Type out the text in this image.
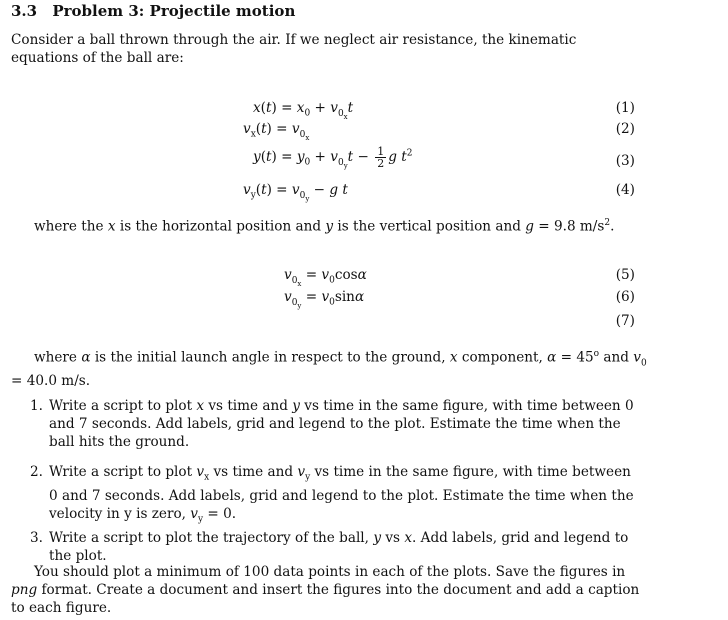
3.3 Problem 3: Projectile motion
Consider a ball thrown through the air. If we neglect air resistance, the kinematic equations of the ball are:
$x(t) = x_0 + v_{0_x}t$	(1)
$v_x(t) = v_{0_x}$
(2)
$y(t) = y_0 + v_{0_y}t - \frac{1}{2}$ g $t^2$	(3)
$v_y(t) = v_{0_y} - g$ t	(4)
where the x is the horizontal position and y is the vertical position and g = 9.8 $m/s^2$.
$v_{0_x} = v_0\cos\alpha$	(5)
$v_{0_y} = v_0\sin\alpha$	(6)
(7)
where α is the initial launch angle in respect to the ground, x component, $\alpha = 45^o$ and $v_0 = 40.0$ m/s.
1. Write a script to plot x vs time and y vs time in the same figure, with time between 0 and 7 seconds. Add labels, grid and legend to the plot. Estimate the time when the ball hits the ground.
2. Write a script to plot $v_x$ vs time and $v_y$ vs time in the same figure, with time between 0 and 7 seconds. Add labels, grid and legend to the plot. Estimate the time when the velocity in y is zero, $v_y = 0$.
3. Write a script to plot the trajectory of the ball, y vs x. Add labels, grid and legend to the plot.
You should plot a minimum of 100 data points in each of the plots. Save the figures in png format. Create a document and insert the figures into the document and add a caption to each figure.
